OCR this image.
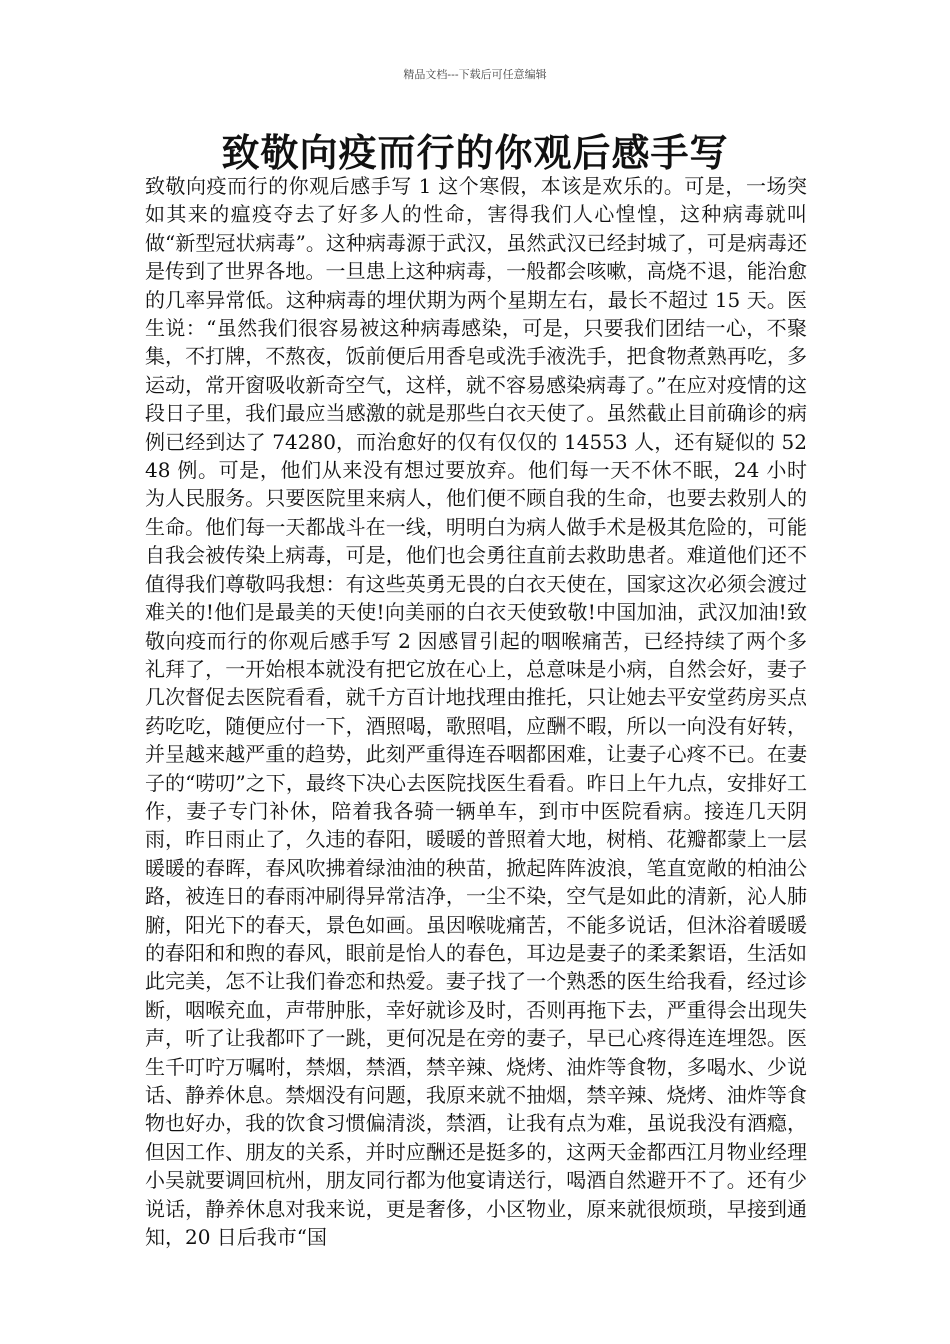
精品文档---下载后可任意编辑
致敬向疫而行的你观后感手写

致敬向疫而行的你观后感手写 1 这个寒假，本该是欢乐的。可是，一场突如其来的瘟疫夺去了好多人的性命，害得我们人心惶惶，这种病毒就叫做“新型冠状病毒”。这种病毒源于武汉，虽然武汉已经封城了，可是病毒还是传到了世界各地。一旦患上这种病毒，一般都会咳嗽，高烧不退，能治愈的几率异常低。这种病毒的埋伏期为两个星期左右，最长不超过 15 天。医生说：“虽然我们很容易被这种病毒感染，可是，只要我们团结一心，不聚集，不打牌，不熬夜，饭前便后用香皂或洗手液洗手，把食物煮熟再吃，多运动，常开窗吸收新奇空气，这样，就不容易感染病毒了。”在应对疫情的这段日子里，我们最应当感激的就是那些白衣天使了。虽然截止目前确诊的病例已经到达了 74280，而治愈好的仅有仅仅的 14553 人，还有疑似的 5248 例。可是，他们从来没有想过要放弃。他们每一天不休不眠，24 小时为人民服务。只要医院里来病人，他们便不顾自我的生命，也要去救别人的生命。他们每一天都战斗在一线，明明白为病人做手术是极其危险的，可能自我会被传染上病毒，可是，他们也会勇往直前去救助患者。难道他们还不值得我们尊敬吗我想：有这些英勇无畏的白衣天使在，国家这次必须会渡过难关的!他们是最美的天使!向美丽的白衣天使致敬!中国加油，武汉加油!致敬向疫而行的你观后感手写 2 因感冒引起的咽喉痛苦，已经持续了两个多礼拜了，一开始根本就没有把它放在心上，总意味是小病，自然会好，妻子几次督促去医院看看，就千方百计地找理由推托，只让她去平安堂药房买点药吃吃，随便应付一下，酒照喝，歌照唱，应酬不暇，所以一向没有好转，并呈越来越严重的趋势，此刻严重得连吞咽都困难，让妻子心疼不已。在妻子的“唠叨”之下，最终下决心去医院找医生看看。昨日上午九点，安排好工作，妻子专门补休，陪着我各骑一辆单车，到市中医院看病。接连几天阴雨，昨日雨止了，久违的春阳，暖暖的普照着大地，树梢、花瓣都蒙上一层暖暖的春晖，春风吹拂着绿油油的秧苗，掀起阵阵波浪，笔直宽敞的柏油公路，被连日的春雨冲刷得异常洁净，一尘不染，空气是如此的清新，沁人肺腑，阳光下的春天，景色如画。虽因喉咙痛苦，不能多说话，但沐浴着暖暖的春阳和和煦的春风，眼前是怡人的春色，耳边是妻子的柔柔絮语，生活如此完美，怎不让我们眷恋和热爱。妻子找了一个熟悉的医生给我看，经过诊断，咽喉充血，声带肿胀，幸好就诊及时，否则再拖下去，严重得会出现失声，听了让我都吓了一跳，更何况是在旁的妻子，早已心疼得连连埋怨。医生千叮咛万嘱咐，禁烟，禁酒，禁辛辣、烧烤、油炸等食物，多喝水、少说话、静养休息。禁烟没有问题，我原来就不抽烟，禁辛辣、烧烤、油炸等食物也好办，我的饮食习惯偏清淡，禁酒，让我有点为难，虽说我没有酒瘾，但因工作、朋友的关系，并时应酬还是挺多的，这两天金都西江月物业经理小吴就要调回杭州，朋友同行都为他宴请送行，喝酒自然避开不了。还有少说话，静养休息对我来说，更是奢侈，小区物业，原来就很烦琐，早接到通知，20 日后我市“国
